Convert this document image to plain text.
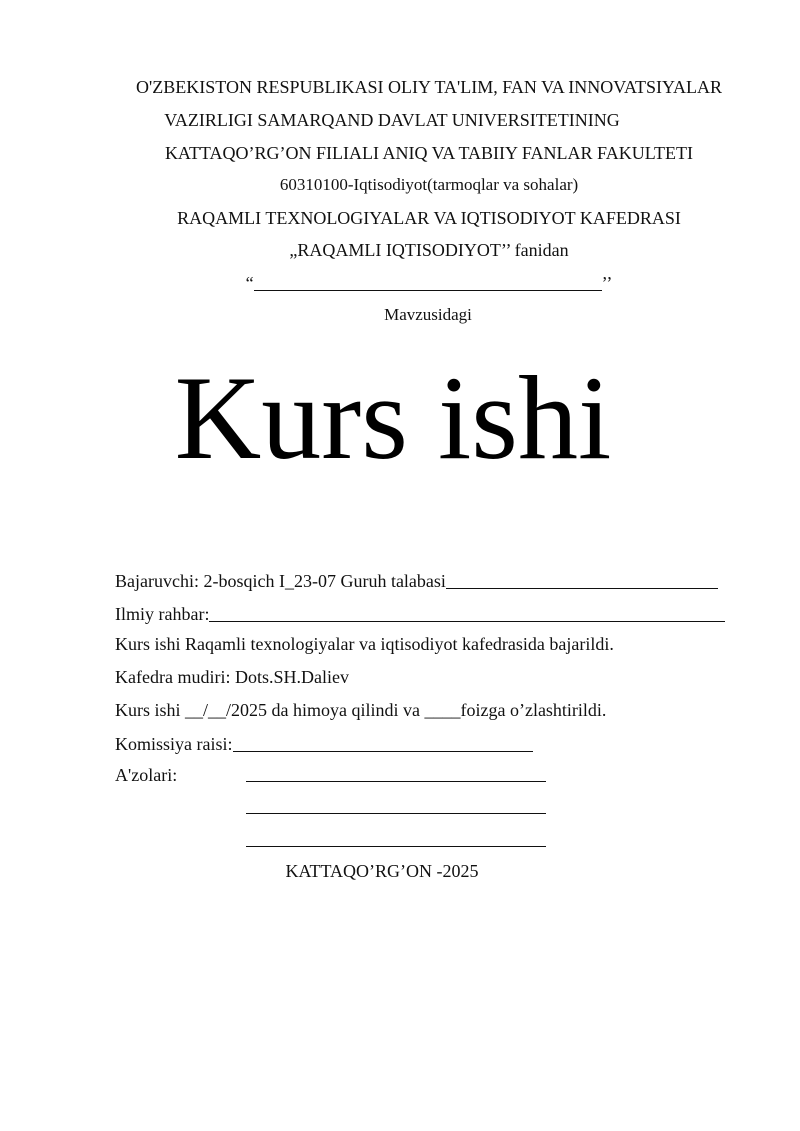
O'ZBEKISTON RESPUBLIKASI OLIY TA'LIM, FAN VA INNOVATSIYALAR
VAZIRLIGI SAMARQAND DAVLAT UNIVERSITETINING
KATTAQO’RG’ON FILIALI ANIQ VA TABIIY FANLAR FAKULTETI
60310100-Iqtisodiyot(tarmoqlar va sohalar)
RAQAMLI TEXNOLOGIYALAR VA IQTISODIYOT KAFEDRASI
„RAQAMLI IQTISODIYOT’’ fanidan
“	’’
Mavzusidagi
Kurs ishi
Bajaruvchi: 2-bosqich I_23-07 Guruh talabasi
Ilmiy rahbar:
Kurs ishi Raqamli texnologiyalar va iqtisodiyot kafedrasida bajarildi.
Kafedra mudiri: Dots.SH.Daliev
Kurs ishi __/__/2025 da himoya qilindi va ____foizga o’zlashtirildi.
Komissiya raisi:
A'zolari:
KATTAQO’RG’ON -2025
